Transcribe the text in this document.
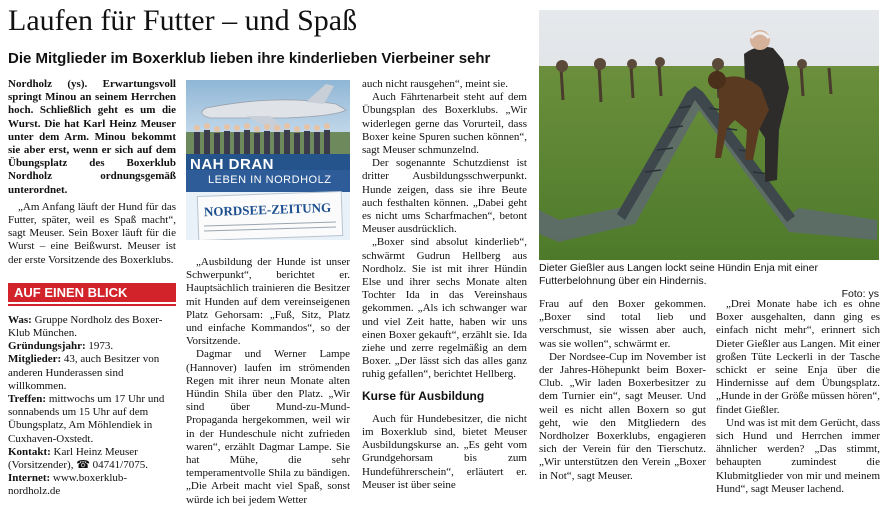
Laufen für Futter – und Spaß
Die Mitglieder im Boxerklub lieben ihre kinderlieben Vierbeiner sehr

Nordholz (ys). Erwartungsvoll springt Minou an seinem Herrchen hoch. Schließlich geht es um die Wurst. Die hat Karl Heinz Meuser unter dem Arm. Minou bekommt sie aber erst, wenn er sich auf dem Übungsplatz des Boxerklub Nordholz ordnungsgemäß unterordnet.

„Am Anfang läuft der Hund für das Futter, später, weil es Spaß macht“, sagt Meuser. Sein Boxer läuft für die Wurst – eine Beißwurst. Meuser ist der erste Vorsitzende des Boxerklubs.

AUF EINEN BLICK
Was: Gruppe Nordholz des Boxer-Klub München.
Gründungsjahr: 1973.
Mitglieder: 43, auch Besitzer von anderen Hunderassen sind willkommen.
Treffen: mittwochs um 17 Uhr und sonnabends um 15 Uhr auf dem Übungsplatz, Am Möhlendiek in Cuxhaven-Oxstedt.
Kontakt: Karl Heinz Meuser (Vorsitzender), ☎ 04741/7075.
Internet: www.boxerklub-nordholz.de
NAH DRAN
LEBEN IN NORDHOLZ
NORDSEE-ZEITUNG

„Ausbildung der Hunde ist unser Schwerpunkt“, berichtet er. Hauptsächlich trainieren die Besitzer mit Hunden auf dem vereinseigenen Platz Gehorsam: „Fuß, Sitz, Platz und einfache Kommandos“, so der Vorsitzende.

Dagmar und Werner Lampe (Hannover) laufen im strömenden Regen mit ihrer neun Monate alten Hündin Shila über den Platz. „Wir sind über Mund-zu-Mund-Propaganda hergekommen, weil wir in der Hundeschule nicht zufrieden waren“, erzählt Dagmar Lampe. Sie hat Mühe, die sehr temperamentvolle Shila zu bändigen. „Die Arbeit macht viel Spaß, sonst würde ich bei jedem Wetter

auch nicht rausgehen“, meint sie.

Auch Fährtenarbeit steht auf dem Übungsplan des Boxerklubs. „Wir widerlegen gerne das Vorurteil, dass Boxer keine Spuren suchen können“, sagt Meuser schmunzelnd.

Der sogenannte Schutzdienst ist dritter Ausbildungsschwerpunkt. Hunde zeigen, dass sie ihre Beute auch festhalten können. „Dabei geht es nicht ums Scharfmachen“, betont Meuser ausdrücklich.

„Boxer sind absolut kinderlieb“, schwärmt Gudrun Hellberg aus Nordholz. Sie ist mit ihrer Hündin Else und ihrer sechs Monate alten Tochter Ida in das Vereinshaus gekommen. „Als ich schwanger war und viel Zeit hatte, haben wir uns einen Boxer gekauft“, erzählt sie. Ida ziehe und zerre regelmäßig an dem Boxer. „Der lässt sich das alles ganz ruhig gefallen“, berichtet Hellberg.

Kurse für Ausbildung

Auch für Hundebesitzer, die nicht im Boxerklub sind, bietet Meuser Ausbildungskurse an. „Es geht vom Grundgehorsam bis zum Hundeführerschein“, erläutert er. Meuser ist über seine

Dieter Gießler aus Langen lockt seine Hündin Enja mit einer Futterbelohnung über ein Hindernis.
Foto: ys

Frau auf den Boxer gekommen. „Boxer sind total lieb und verschmust, sie wissen aber auch, was sie wollen“, schwärmt er.

Der Nordsee-Cup im November ist der Jahres-Höhepunkt beim Boxer-Club. „Wir laden Boxerbesitzer zu dem Turnier ein“, sagt Meuser. Und weil es nicht allen Boxern so gut geht, wie den Mitgliedern des Nordholzer Boxerklubs, engagieren sich der Verein für den Tierschutz. „Wir unterstützen den Verein „Boxer in Not“, sagt Meuser.

„Drei Monate habe ich es ohne Boxer ausgehalten, dann ging es einfach nicht mehr“, erinnert sich Dieter Gießler aus Langen. Mit einer großen Tüte Leckerli in der Tasche schickt er seine Enja über die Hindernisse auf dem Übungsplatz. „Hunde in der Größe müssen hören“, findet Gießler.

Und was ist mit dem Gerücht, dass sich Hund und Herrchen immer ähnlicher werden? „Das stimmt, behaupten zumindest die Klubmitglieder von mir und meinem Hund“, sagt Meuser lachend.
